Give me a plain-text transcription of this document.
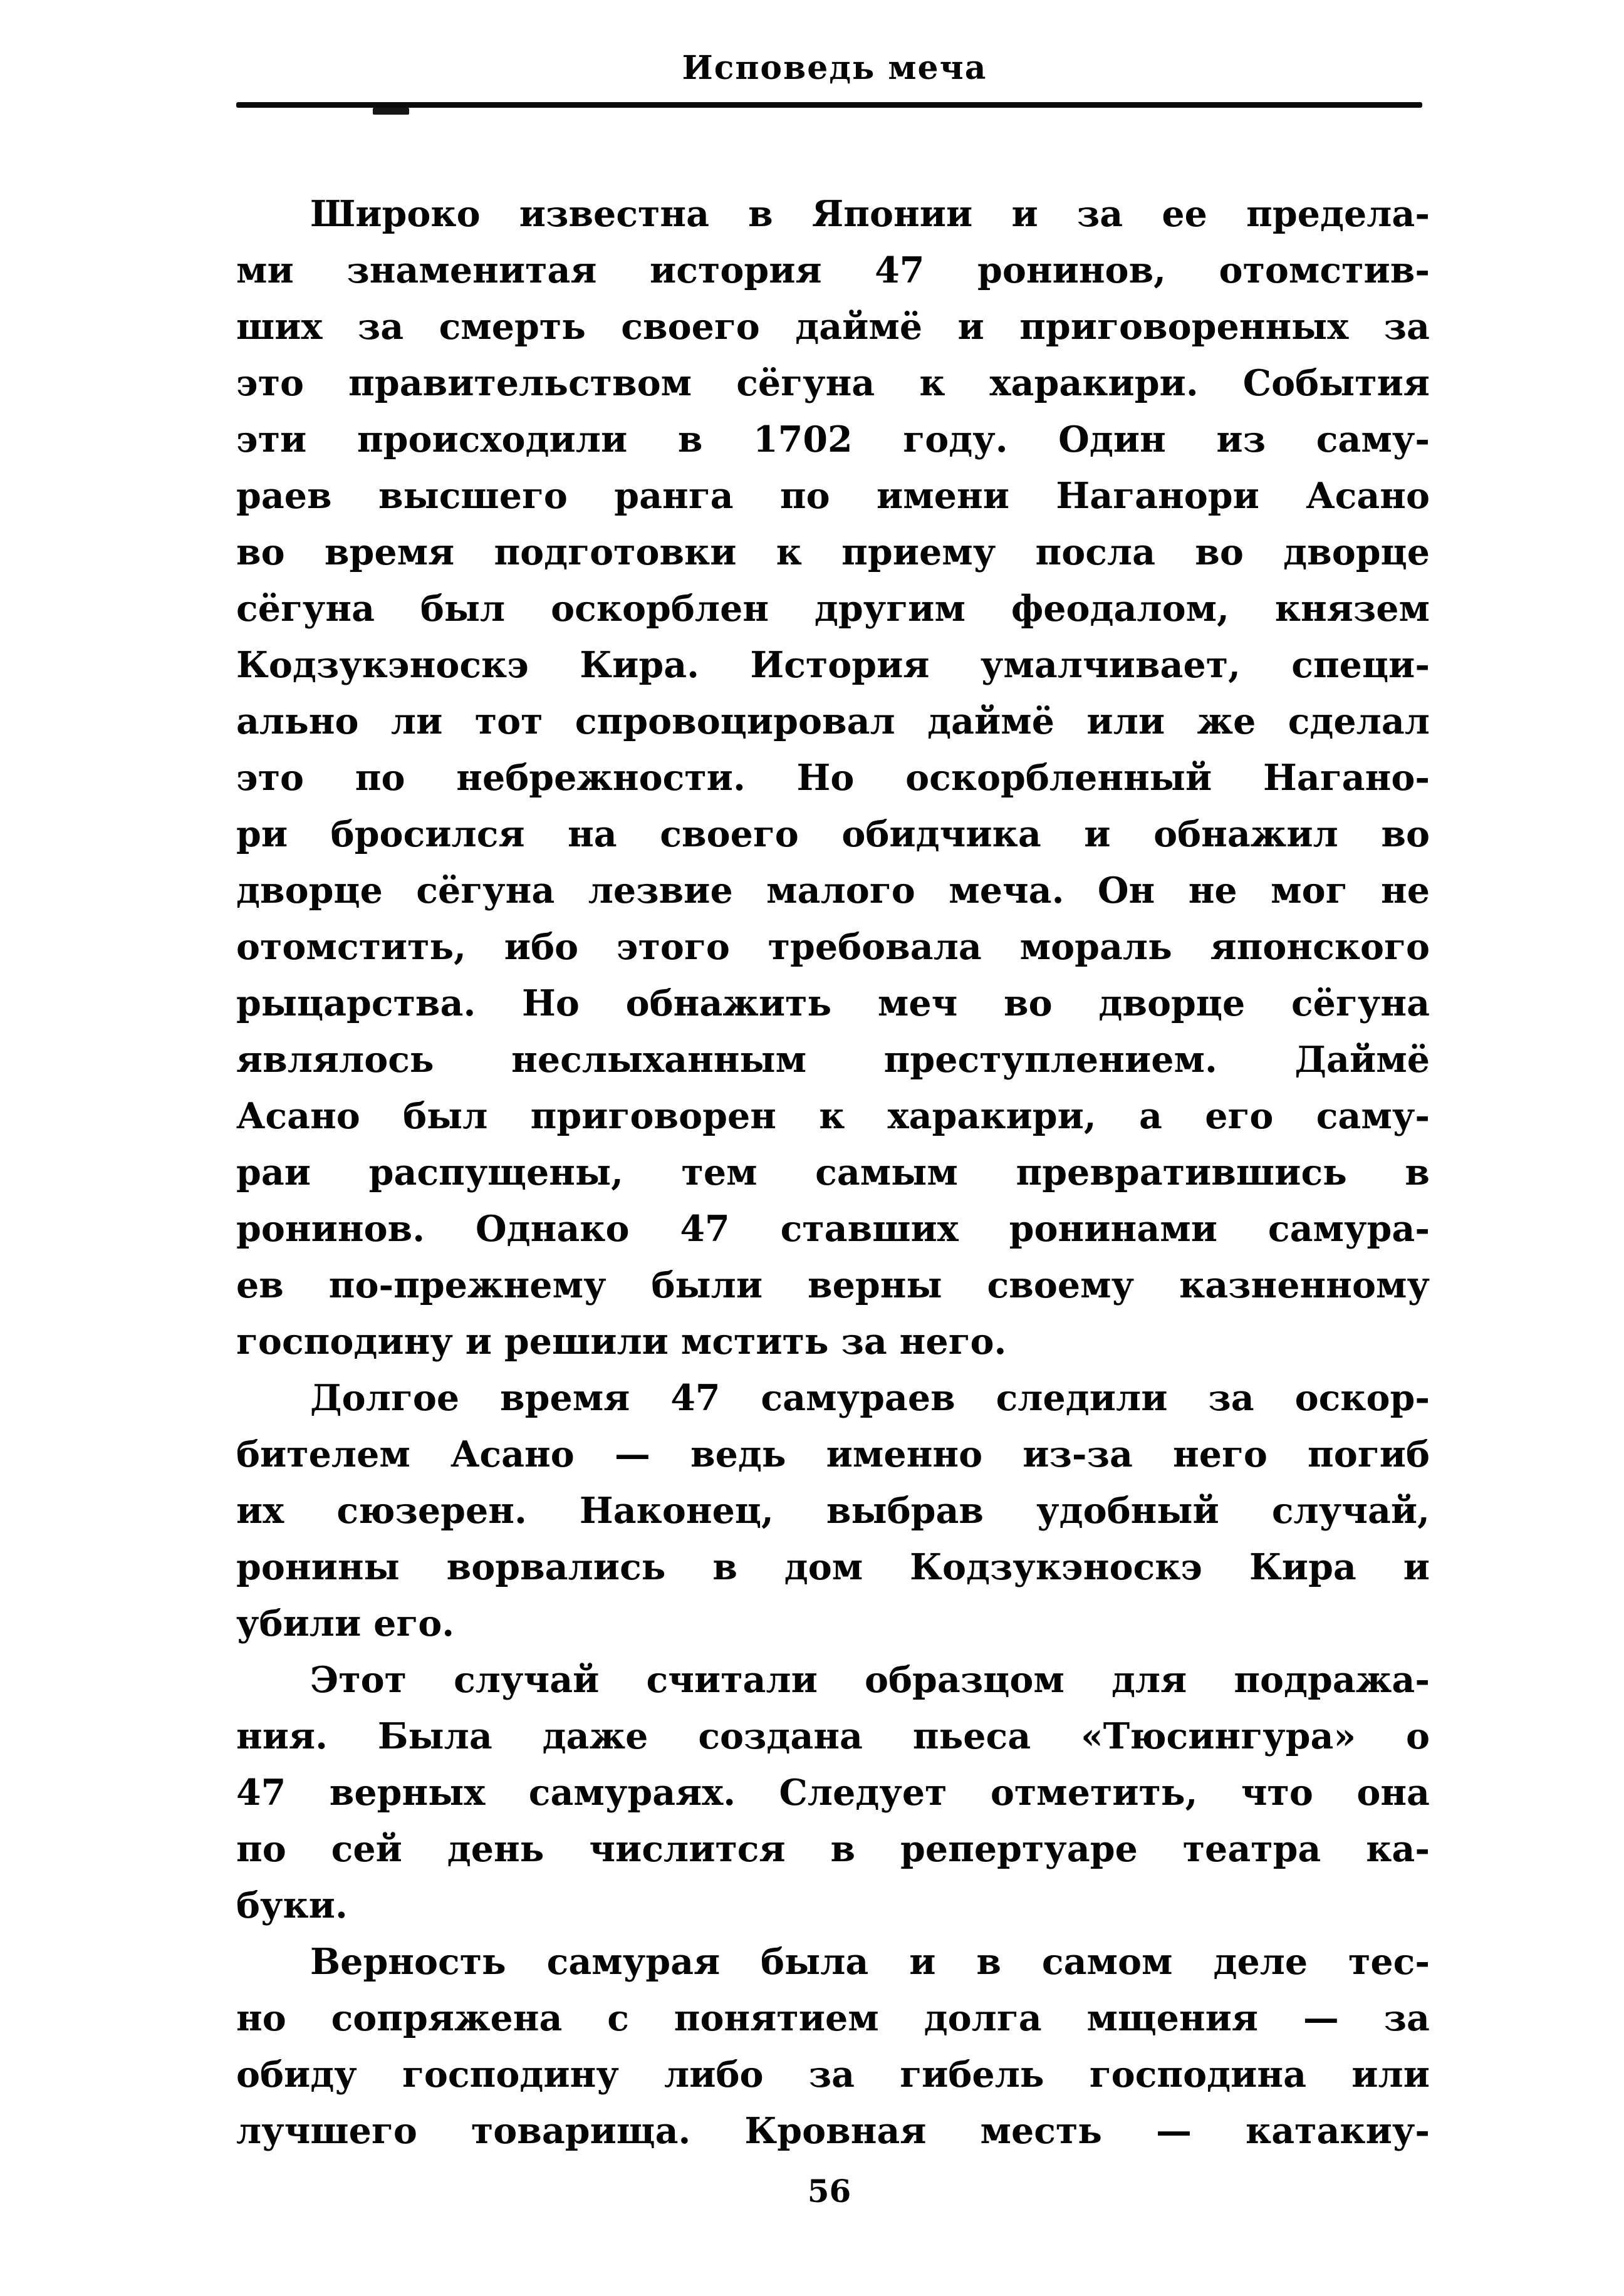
Исповедь меча
Широко известна в Японии и за ее предела-
ми знаменитая история 47 ронинов, отомстив-
ших за смерть своего даймё и приговоренных за
это правительством сёгуна к харакири. События
эти происходили в 1702 году. Один из саму-
раев высшего ранга по имени Наганори Асано
во время подготовки к приему посла во дворце
сёгуна был оскорблен другим феодалом, князем
Кодзукэноскэ Кира. История умалчивает, специ-
ально ли тот спровоцировал даймё или же сделал
это по небрежности. Но оскорбленный Нагано-
ри бросился на своего обидчика и обнажил во
дворце сёгуна лезвие малого меча. Он не мог не
отомстить, ибо этого требовала мораль японского
рыцарства. Но обнажить меч во дворце сёгуна
являлось неслыханным преступлением. Даймё
Асано был приговорен к харакири, а его саму-
раи распущены, тем самым превратившись в
ронинов. Однако 47 ставших ронинами самура-
ев по-прежнему были верны своему казненному
господину и решили мстить за него.
Долгое время 47 самураев следили за оскор-
бителем Асано — ведь именно из-за него погиб
их сюзерен. Наконец, выбрав удобный случай,
ронины ворвались в дом Кодзукэноскэ Кира и
убили его.
Этот случай считали образцом для подража-
ния. Была даже создана пьеса «Тюсингура» о
47 верных самураях. Следует отметить, что она
по сей день числится в репертуаре театра ка-
буки.
Верность самурая была и в самом деле тес-
но сопряжена с понятием долга мщения — за
обиду господину либо за гибель господина или
лучшего товарища. Кровная месть — катакиу-
56
